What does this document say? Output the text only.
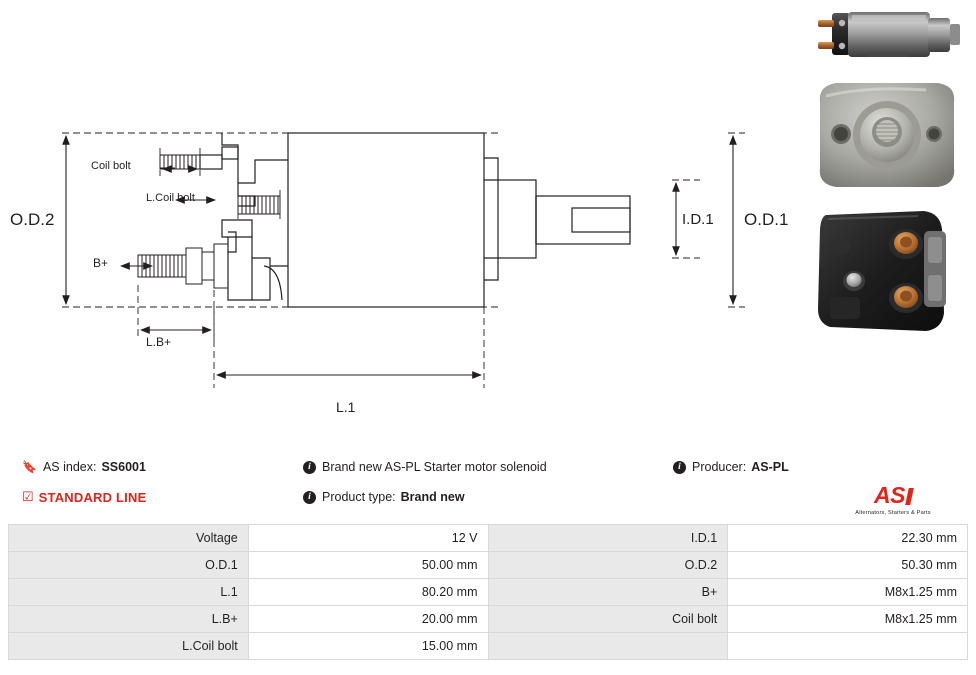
O.D.2	O.D.1
I.D.1
L.1
L.B+
B+
Coil bolt
L.Coil bolt
🔖 AS index: SS6001
☑ STANDARD LINE
i Brand new AS-PL Starter motor solenoid
i Product type: Brand new
i Producer: AS-PL
AS
Alternators, Starters & Parts
Voltage	12 V	I.D.1	22.30 mm
O.D.1	50.00 mm	O.D.2	50.30 mm
L.1	80.20 mm	B+	M8x1.25 mm
L.B+	20.00 mm	Coil bolt	M8x1.25 mm
L.Coil bolt	15.00 mm		
